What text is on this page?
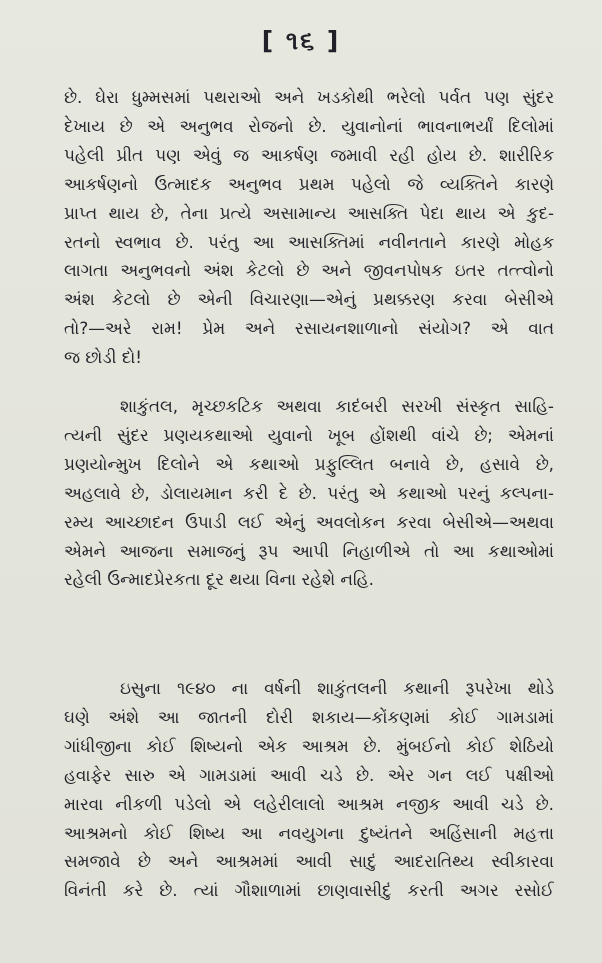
[ ૧૬ ]
છે. ઘેરા ધુમ્મસમાં પથરાઓ અને ખડકોથી ભરેલો પર્વત પણ સુંદર
દેખાય છે એ અનુભવ રોજનો છે. યુવાનોનાં ભાવનાભર્યાં દિલોમાં
પહેલી પ્રીત પણ એવું જ આકર્ષણ જમાવી રહી હોય છે. શારીરિક
આકર્ષણનો ઉત્માદક અનુભવ પ્રથમ પહેલો જે વ્યક્તિને કારણે
પ્રાપ્ત થાય છે, તેના પ્રત્યે અસામાન્ય આસક્તિ પેદા થાય એ કુદ-
રતનો સ્વભાવ છે. પરંતુ આ આસક્તિમાં નવીનતાને કારણે મોહક
લાગતા અનુભવનો અંશ કેટલો છે અને જીવનપોષક ઇતર તત્ત્વોનો
અંશ કેટલો છે એની વિચારણા—એનું પ્રથક્કરણ કરવા બેસીએ
તો?—અરે રામ! પ્રેમ અને રસાયનશાળાનો સંયોગ? એ વાત
જ છોડી દો!
શાકુંતલ, મૃચ્છકટિક અથવા કાદંબરી સરખી સંસ્કૃત સાહિ-
ત્યની સુંદર પ્રણયકથાઓ યુવાનો ખૂબ હોંશથી વાંચે છે; એમનાં
પ્રણયોન્મુખ દિલોને એ કથાઓ પ્રફુલ્લિત બનાવે છે, હસાવે છે,
અહલાવે છે, ડોલાયમાન કરી દે છે. પરંતુ એ કથાઓ પરનું કલ્પના-
રમ્ય આચ્છાદન ઉપાડી લઈ એનું અવલોકન કરવા બેસીએ—અથવા
એમને આજના સમાજનું રૂપ આપી નિહાળીએ તો આ કથાઓમાં
રહેલી ઉન્માદપ્રેરકતા દૂર થયા વિના રહેશે નહિ.
ઇસુના ૧૯૪૦ ના વર્ષની શાકુંતલની કથાની રૂપરેખા થોડે
ઘણે અંશે આ જાતની દોરી શકાય—કોંકણમાં કોઈ ગામડામાં
ગાંધીજીના કોઈ શિષ્યનો એક આશ્રમ છે. મુંબઈનો કોઈ શેઠિયો
હવાફેર સારુ એ ગામડામાં આવી ચડે છે. એર ગન લઈ પક્ષીઓ
મારવા નીકળી પડેલો એ લહેરીલાલો આશ્રમ નજીક આવી ચડે છે.
આશ્રમનો કોઈ શિષ્ય આ નવયુગના દુષ્યંતને અહિંસાની મહત્તા
સમજાવે છે અને આશ્રમમાં આવી સાદું આદરાતિથ્ય સ્વીકારવા
વિનંતી કરે છે. ત્યાં ગૌશાળામાં છાણવાસીદું કરતી અગર રસોઈ
